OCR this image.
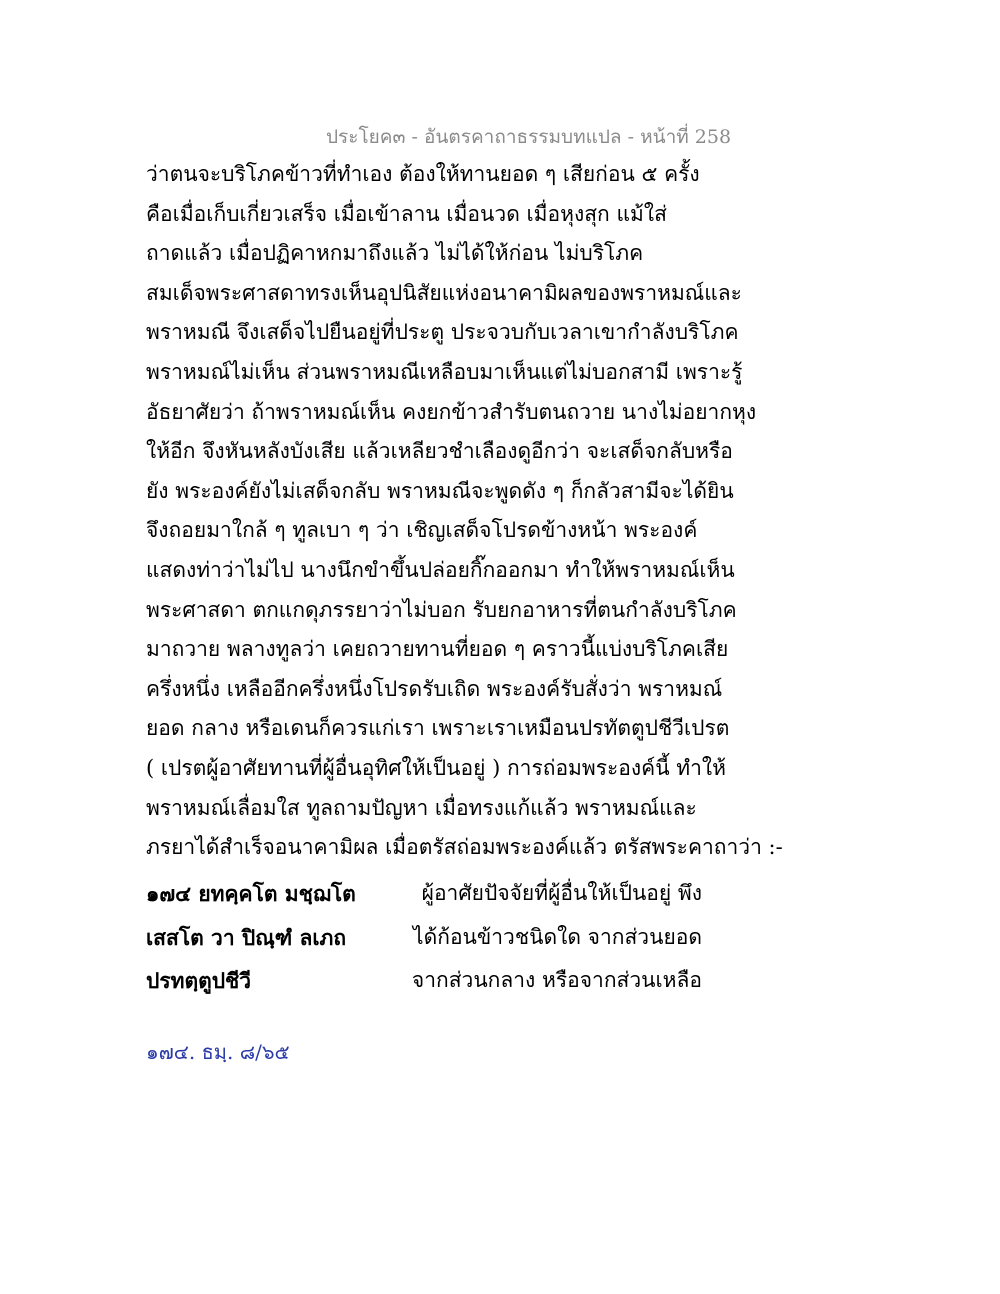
ประโยค๓ - อันตรคาถาธรรมบทแปล - หน้าที่ 258
ว่าตนจะบริโภคข้าวที่ทำเอง ต้องให้ทานยอด ๆ เสียก่อน ๕ ครั้ง
คือเมื่อเก็บเกี่ยวเสร็จ เมื่อเข้าลาน เมื่อนวด เมื่อหุงสุก แม้ใส่
ถาดแล้ว เมื่อปฏิคาหกมาถึงแล้ว ไม่ได้ให้ก่อน ไม่บริโภค
สมเด็จพระศาสดาทรงเห็นอุปนิสัยแห่งอนาคามิผลของพราหมณ์และ
พราหมณี จึงเสด็จไปยืนอยู่ที่ประตู ประจวบกับเวลาเขากำลังบริโภค
พราหมณ์ไม่เห็น ส่วนพราหมณีเหลือบมาเห็นแต่ไม่บอกสามี เพราะรู้
อัธยาศัยว่า ถ้าพราหมณ์เห็น คงยกข้าวสำรับตนถวาย นางไม่อยากหุง
ให้อีก จึงหันหลังบังเสีย แล้วเหลียวชำเลืองดูอีกว่า จะเสด็จกลับหรือ
ยัง พระองค์ยังไม่เสด็จกลับ พราหมณีจะพูดดัง ๆ ก็กลัวสามีจะได้ยิน
จึงถอยมาใกล้ ๆ ทูลเบา ๆ ว่า เชิญเสด็จโปรดข้างหน้า พระองค์
แสดงท่าว่าไม่ไป นางนึกขำขึ้นปล่อยกิ๊กออกมา ทำให้พราหมณ์เห็น
พระศาสดา ตกแกดุภรรยาว่าไม่บอก รับยกอาหารที่ตนกำลังบริโภค
มาถวาย พลางทูลว่า เคยถวายทานที่ยอด ๆ คราวนี้แบ่งบริโภคเสีย
ครึ่งหนึ่ง เหลืออีกครึ่งหนึ่งโปรดรับเถิด พระองค์รับสั่งว่า พราหมณ์
ยอด กลาง หรือเดนก็ควรแก่เรา เพราะเราเหมือนปรทัตตูปชีวีเปรต
( เปรตผู้อาศัยทานที่ผู้อื่นอุทิศให้เป็นอยู่ ) การถ่อมพระองค์นี้ ทำให้
พราหมณ์เลื่อมใส ทูลถามปัญหา เมื่อทรงแก้แล้ว พราหมณ์และ
ภรยาได้สำเร็จอนาคามิผล เมื่อตรัสถ่อมพระองค์แล้ว ตรัสพระคาถาว่า :-
๑๗๔ ยทคฺคโต มชฺฌโต	ผู้อาศัยปัจจัยที่ผู้อื่นให้เป็นอยู่ พึง
เสสโต วา ปิณฺฑํ ลเภถ	ได้ก้อนข้าวชนิดใด จากส่วนยอด
ปรทตฺตูปชีวี	จากส่วนกลาง หรือจากส่วนเหลือ
๑๗๔. ธมฺ. ๘/๖๕
